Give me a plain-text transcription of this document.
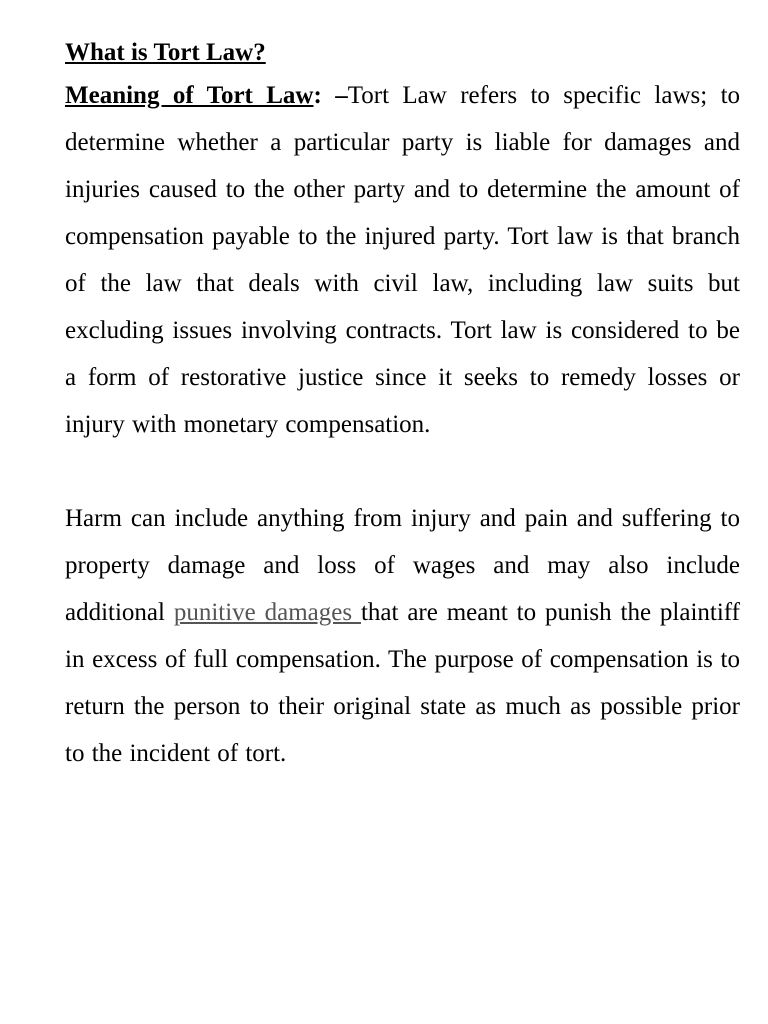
What is Tort Law?

Meaning of Tort Law: –Tort Law refers to specific laws; to determine whether a particular party is liable for damages and injuries caused to the other party and to determine the amount of compensation payable to the injured party. Tort law is that branch of the law that deals with civil law, including law suits but excluding issues involving contracts. Tort law is considered to be a form of restorative justice since it seeks to remedy losses or injury with monetary compensation.

Harm can include anything from injury and pain and suffering to property damage and loss of wages and may also include additional punitive damages that are meant to punish the plaintiff in excess of full compensation. The purpose of compensation is to return the person to their original state as much as possible prior to the incident of tort.
